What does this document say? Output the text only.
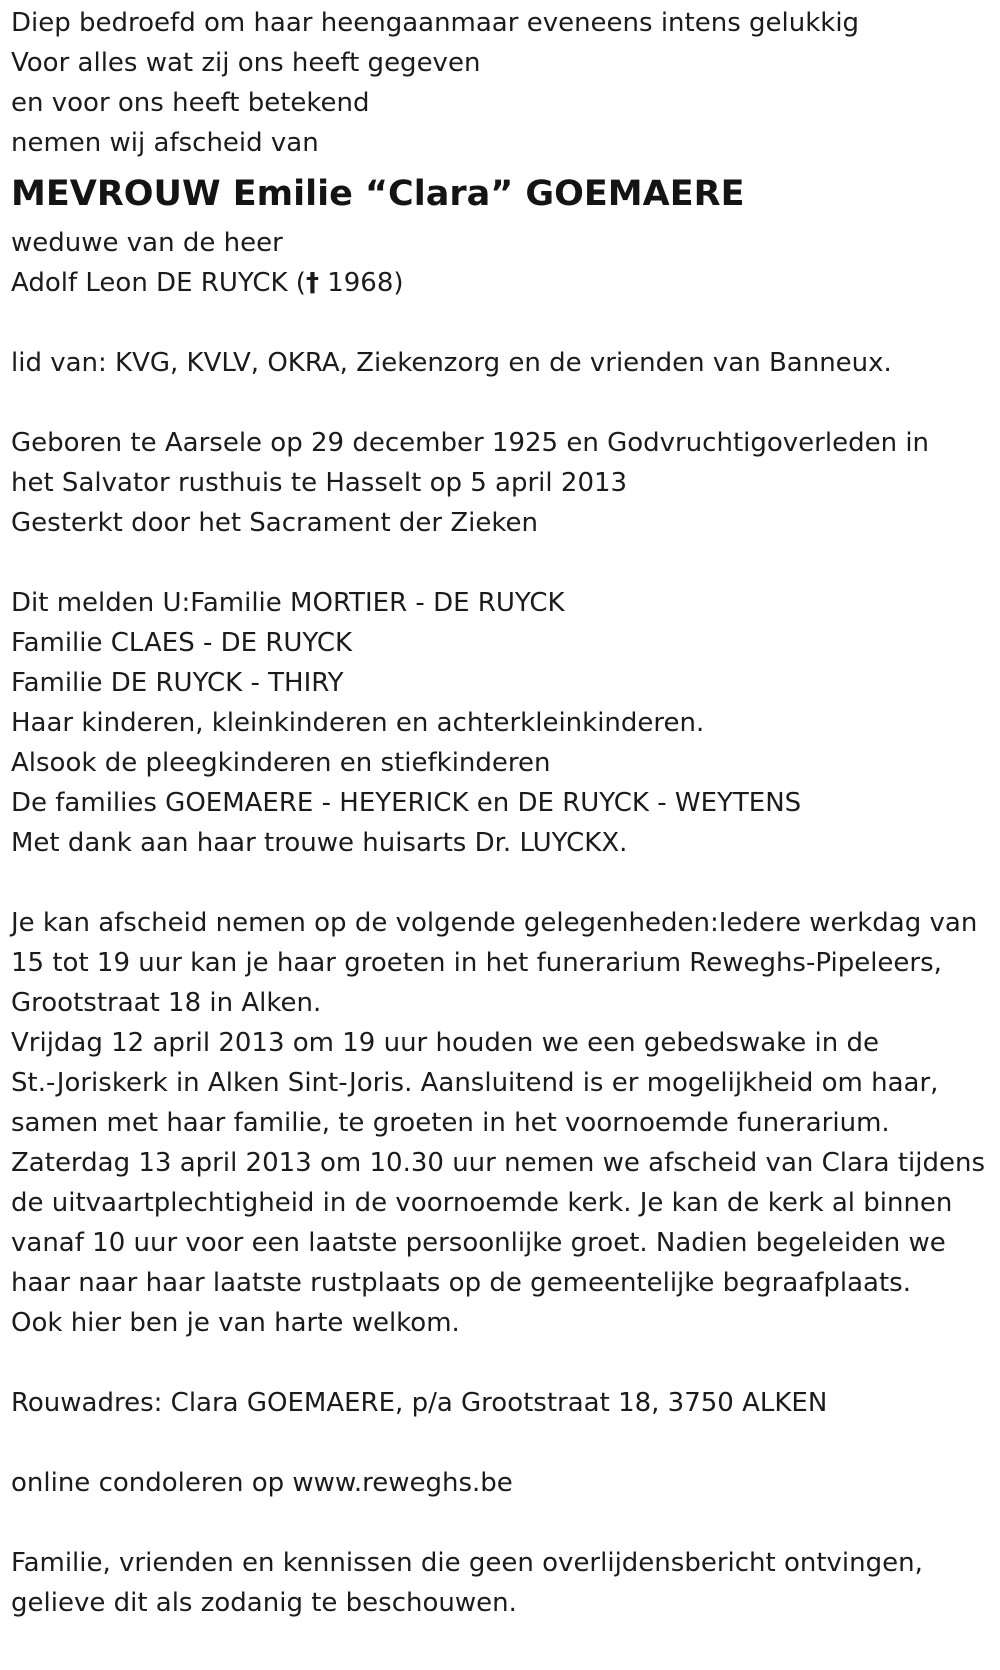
Diep bedroefd om haar heengaanmaar eveneens intens gelukkig
Voor alles wat zij ons heeft gegeven
en voor ons heeft betekend
nemen wij afscheid van
MEVROUW Emilie “Clara” GOEMAERE
weduwe van de heer
Adolf Leon DE RUYCK († 1968)
lid van: KVG, KVLV, OKRA, Ziekenzorg en de vrienden van Banneux.
Geboren te Aarsele op 29 december 1925 en Godvruchtigoverleden in
het Salvator rusthuis te Hasselt op 5 april 2013
Gesterkt door het Sacrament der Zieken
Dit melden U:Familie MORTIER - DE RUYCK
Familie CLAES - DE RUYCK
Familie DE RUYCK - THIRY
Haar kinderen, kleinkinderen en achterkleinkinderen.
Alsook de pleegkinderen en stiefkinderen
De families GOEMAERE - HEYERICK en DE RUYCK - WEYTENS
Met dank aan haar trouwe huisarts Dr. LUYCKX.
Je kan afscheid nemen op de volgende gelegenheden:Iedere werkdag van
15 tot 19 uur kan je haar groeten in het funerarium Reweghs-Pipeleers,
Grootstraat 18 in Alken.
Vrijdag 12 april 2013 om 19 uur houden we een gebedswake in de
St.-Joriskerk in Alken Sint-Joris. Aansluitend is er mogelijkheid om haar,
samen met haar familie, te groeten in het voornoemde funerarium.
Zaterdag 13 april 2013 om 10.30 uur nemen we afscheid van Clara tijdens
de uitvaartplechtigheid in de voornoemde kerk. Je kan de kerk al binnen
vanaf 10 uur voor een laatste persoonlijke groet. Nadien begeleiden we
haar naar haar laatste rustplaats op de gemeentelijke begraafplaats.
Ook hier ben je van harte welkom.
Rouwadres: Clara GOEMAERE, p/a Grootstraat 18, 3750 ALKEN
online condoleren op www.reweghs.be
Familie, vrienden en kennissen die geen overlijdensbericht ontvingen,
gelieve dit als zodanig te beschouwen.
